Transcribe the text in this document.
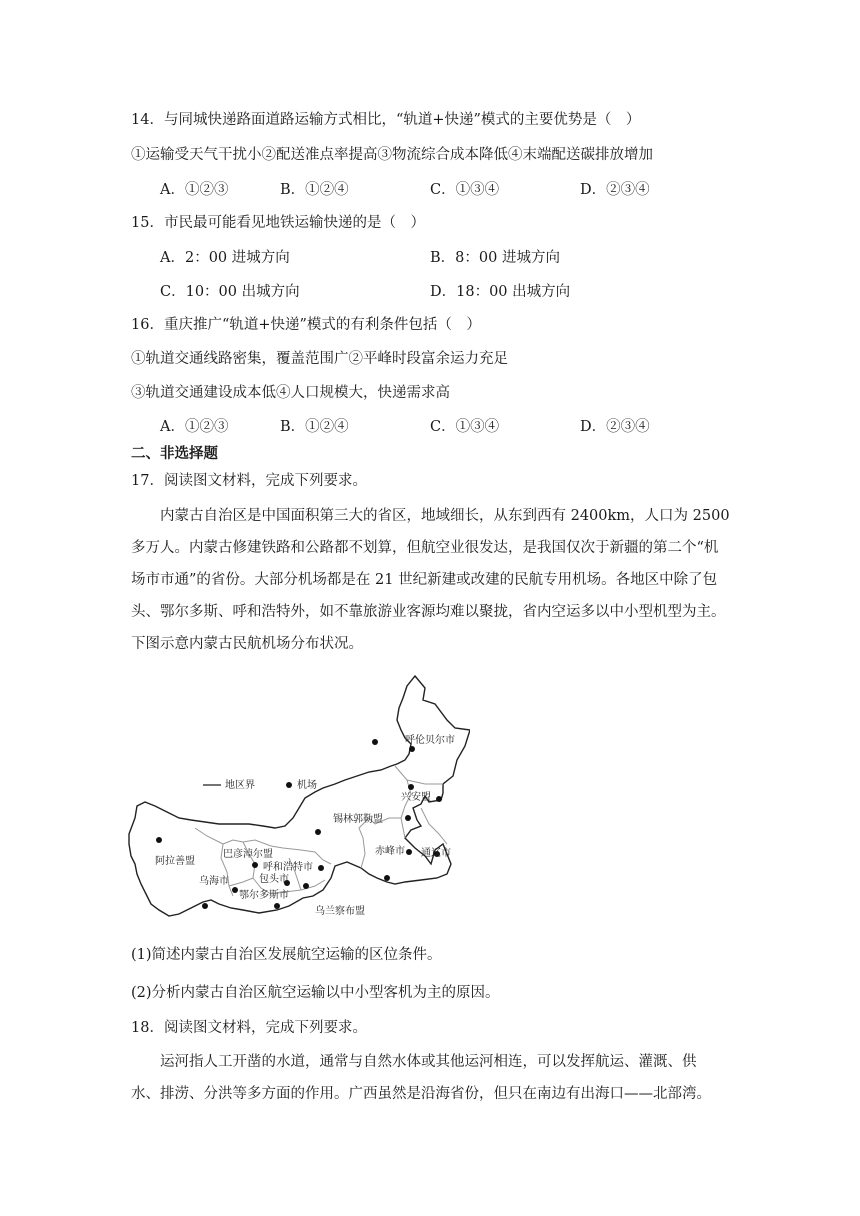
14．与同城快递路面道路运输方式相比，“轨道+快递”模式的主要优势是（　）
①运输受天气干扰小②配送准点率提高③物流综合成本降低④末端配送碳排放增加
A．①②③	B．①②④	C．①③④	D．②③④
15．市民最可能看见地铁运输快递的是（　）
A．2：00 进城方向	B．8：00 进城方向
C．10：00 出城方向	D．18：00 出城方向
16．重庆推广“轨道+快递”模式的有利条件包括（　）
①轨道交通线路密集，覆盖范围广②平峰时段富余运力充足
③轨道交通建设成本低④人口规模大，快递需求高
A．①②③	B．①②④	C．①③④	D．②③④
二、非选择题
17．阅读图文材料，完成下列要求。
内蒙古自治区是中国面积第三大的省区，地域细长，从东到西有 2400km，人口为 2500
多万人。内蒙古修建铁路和公路都不划算，但航空业很发达，是我国仅次于新疆的第二个“机
场市市通”的省份。大部分机场都是在 21 世纪新建或改建的民航专用机场。各地区中除了包
头、鄂尔多斯、呼和浩特外，如不靠旅游业客源均难以聚拢，省内空运多以中小型机型为主。
下图示意内蒙古民航机场分布状况。
地区界	机场
呼伦贝尔市
兴安盟
锡林郭勒盟
赤峰市 通辽市
阿拉善盟
巴彦淖尔盟
呼和浩特市
包头市
乌海市
鄂尔多斯市
乌兰察布盟
(1)简述内蒙古自治区发展航空运输的区位条件。
(2)分析内蒙古自治区航空运输以中小型客机为主的原因。
18．阅读图文材料，完成下列要求。
运河指人工开凿的水道，通常与自然水体或其他运河相连，可以发挥航运、灌溉、供
水、排涝、分洪等多方面的作用。广西虽然是沿海省份，但只在南边有出海口——北部湾。
